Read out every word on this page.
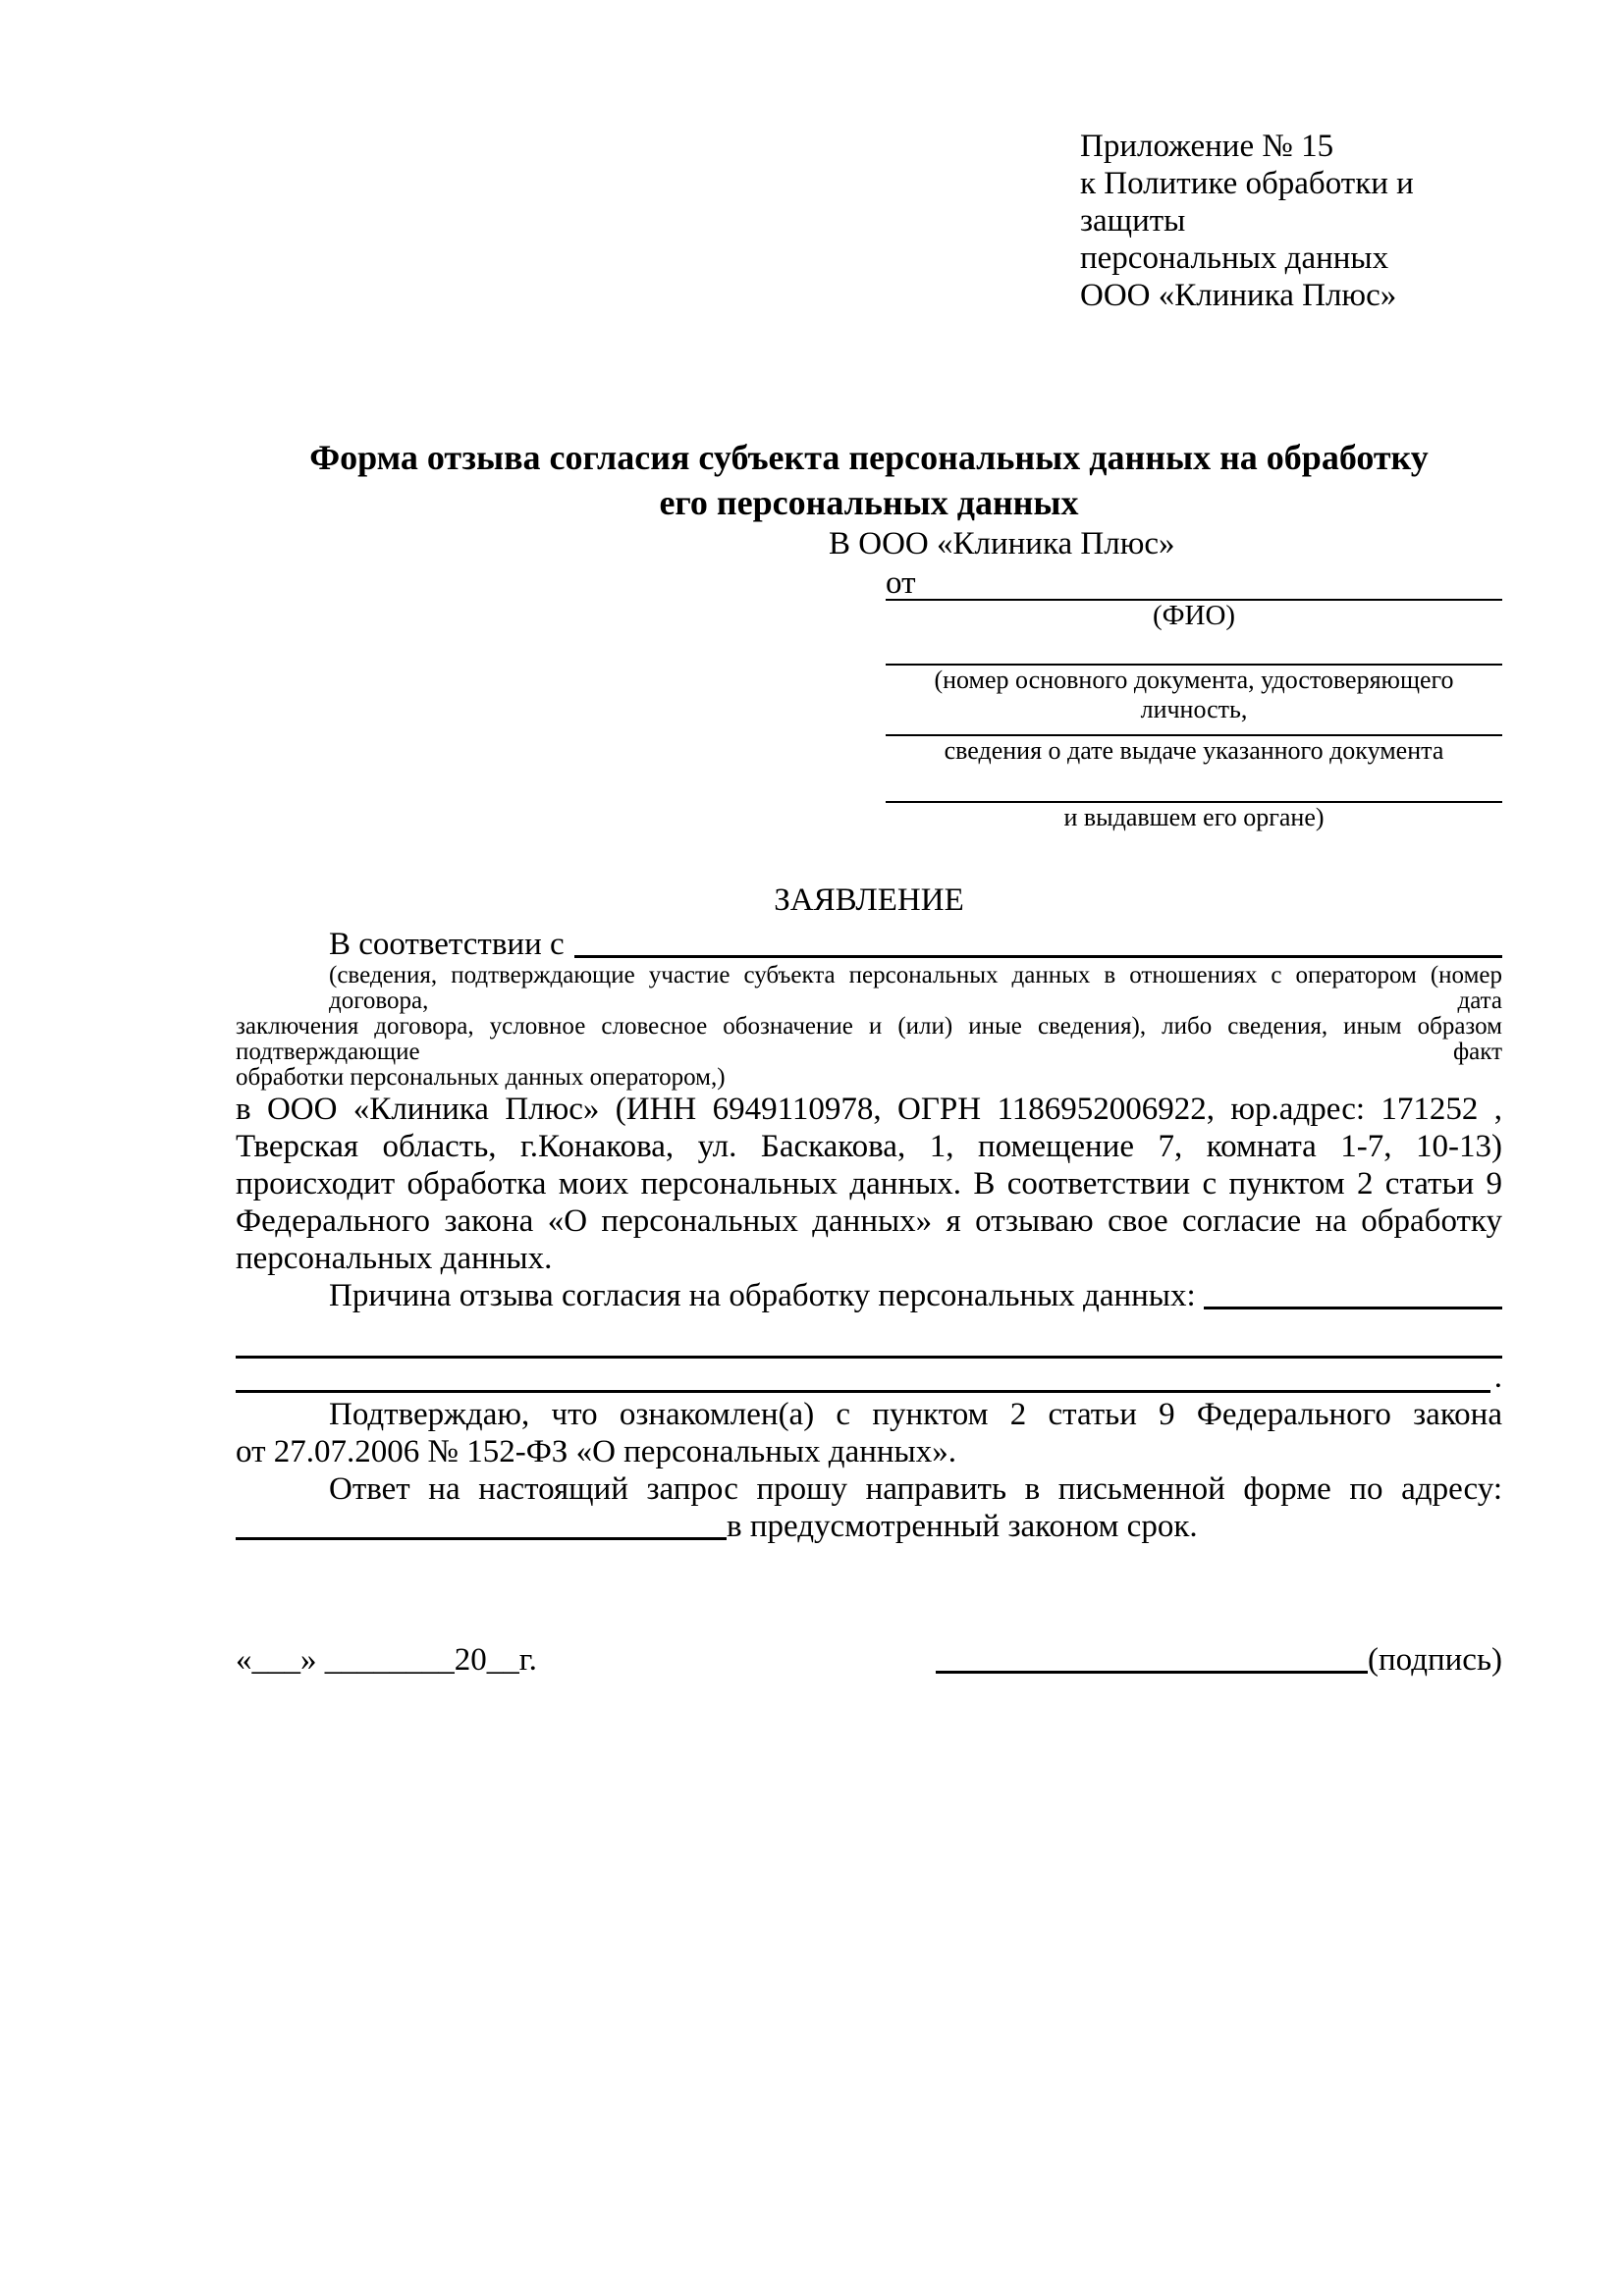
Приложение № 15
к Политике обработки и защиты
персональных данных
ООО «Клиника Плюс»
Форма отзыва согласия субъекта персональных данных на обработку
его персональных данных
В ООО «Клиника Плюс»
от
(ФИО)
(номер основного документа, удостоверяющего личность,
сведения о дате выдаче указанного документа
и выдавшем его органе)
ЗАЯВЛЕНИЕ
В соответствии с
(сведения, подтверждающие участие субъекта персональных данных в отношениях с оператором (номер договора, дата
заключения договора, условное словесное обозначение и (или) иные сведения), либо сведения, иным образом подтверждающие факт
обработки персональных данных оператором,)
в ООО «Клиника Плюс» (ИНН 6949110978, ОГРН 1186952006922, юр.адрес: 171252 ,
Тверская область, г.Конакова, ул. Баскакова, 1, помещение 7, комната 1-7, 10-13)
происходит обработка моих персональных данных. В соответствии с пунктом 2 статьи 9
Федерального закона «О персональных данных» я отзываю свое согласие на обработку
персональных данных.
Причина отзыва согласия на обработку персональных данных:
.
Подтверждаю, что ознакомлен(а) с пунктом 2 статьи 9 Федерального закона
от 27.07.2006 № 152-ФЗ «О персональных данных».
Ответ на настоящий запрос прошу направить в письменной форме по адресу:
в предусмотренный законом срок.
«___» ________20__г.	(подпись)
